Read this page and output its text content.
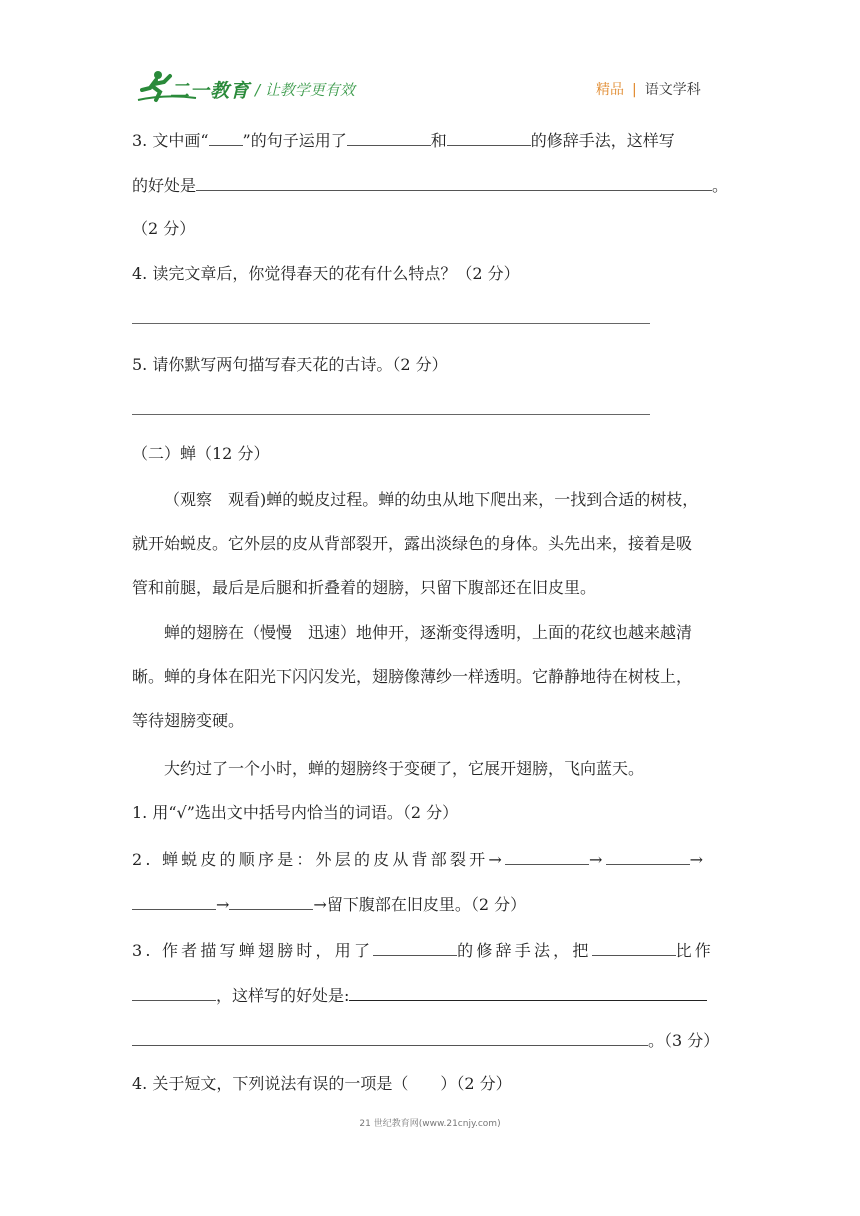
二一教育 / 让教学更有效	精品 | 语文学科
3. 文中画“ ”的句子运用了	和	的修辞手法，这样写
的好处是	。
（2 分）
4. 读完文章后，你觉得春天的花有什么特点？（2 分）
5. 请你默写两句描写春天花的古诗。（2 分）
（二）蝉（12 分）
（观察　观看)蝉的蜕皮过程。蝉的幼虫从地下爬出来，一找到合适的树枝，
就开始蜕皮。它外层的皮从背部裂开，露出淡绿色的身体。头先出来，接着是吸
管和前腿，最后是后腿和折叠着的翅膀，只留下腹部还在旧皮里。
蝉的翅膀在（慢慢　迅速）地伸开，逐渐变得透明，上面的花纹也越来越清
晰。蝉的身体在阳光下闪闪发光，翅膀像薄纱一样透明。它静静地待在树枝上，
等待翅膀变硬。
大约过了一个小时，蝉的翅膀终于变硬了，它展开翅膀，飞向蓝天。
1. 用“√”选出文中括号内恰当的词语。（2 分）
2. 蝉蜕皮的顺序是：外层的皮从背部裂开→	→	→
→	→留下腹部在旧皮里。（2 分）
3. 作者描写蝉翅膀时，用了	的修辞手法，把	比作
，这样写的好处是:
。（3 分）
4. 关于短文，下列说法有误的一项是（　　）（2 分）
21 世纪教育网(www.21cnjy.com)
